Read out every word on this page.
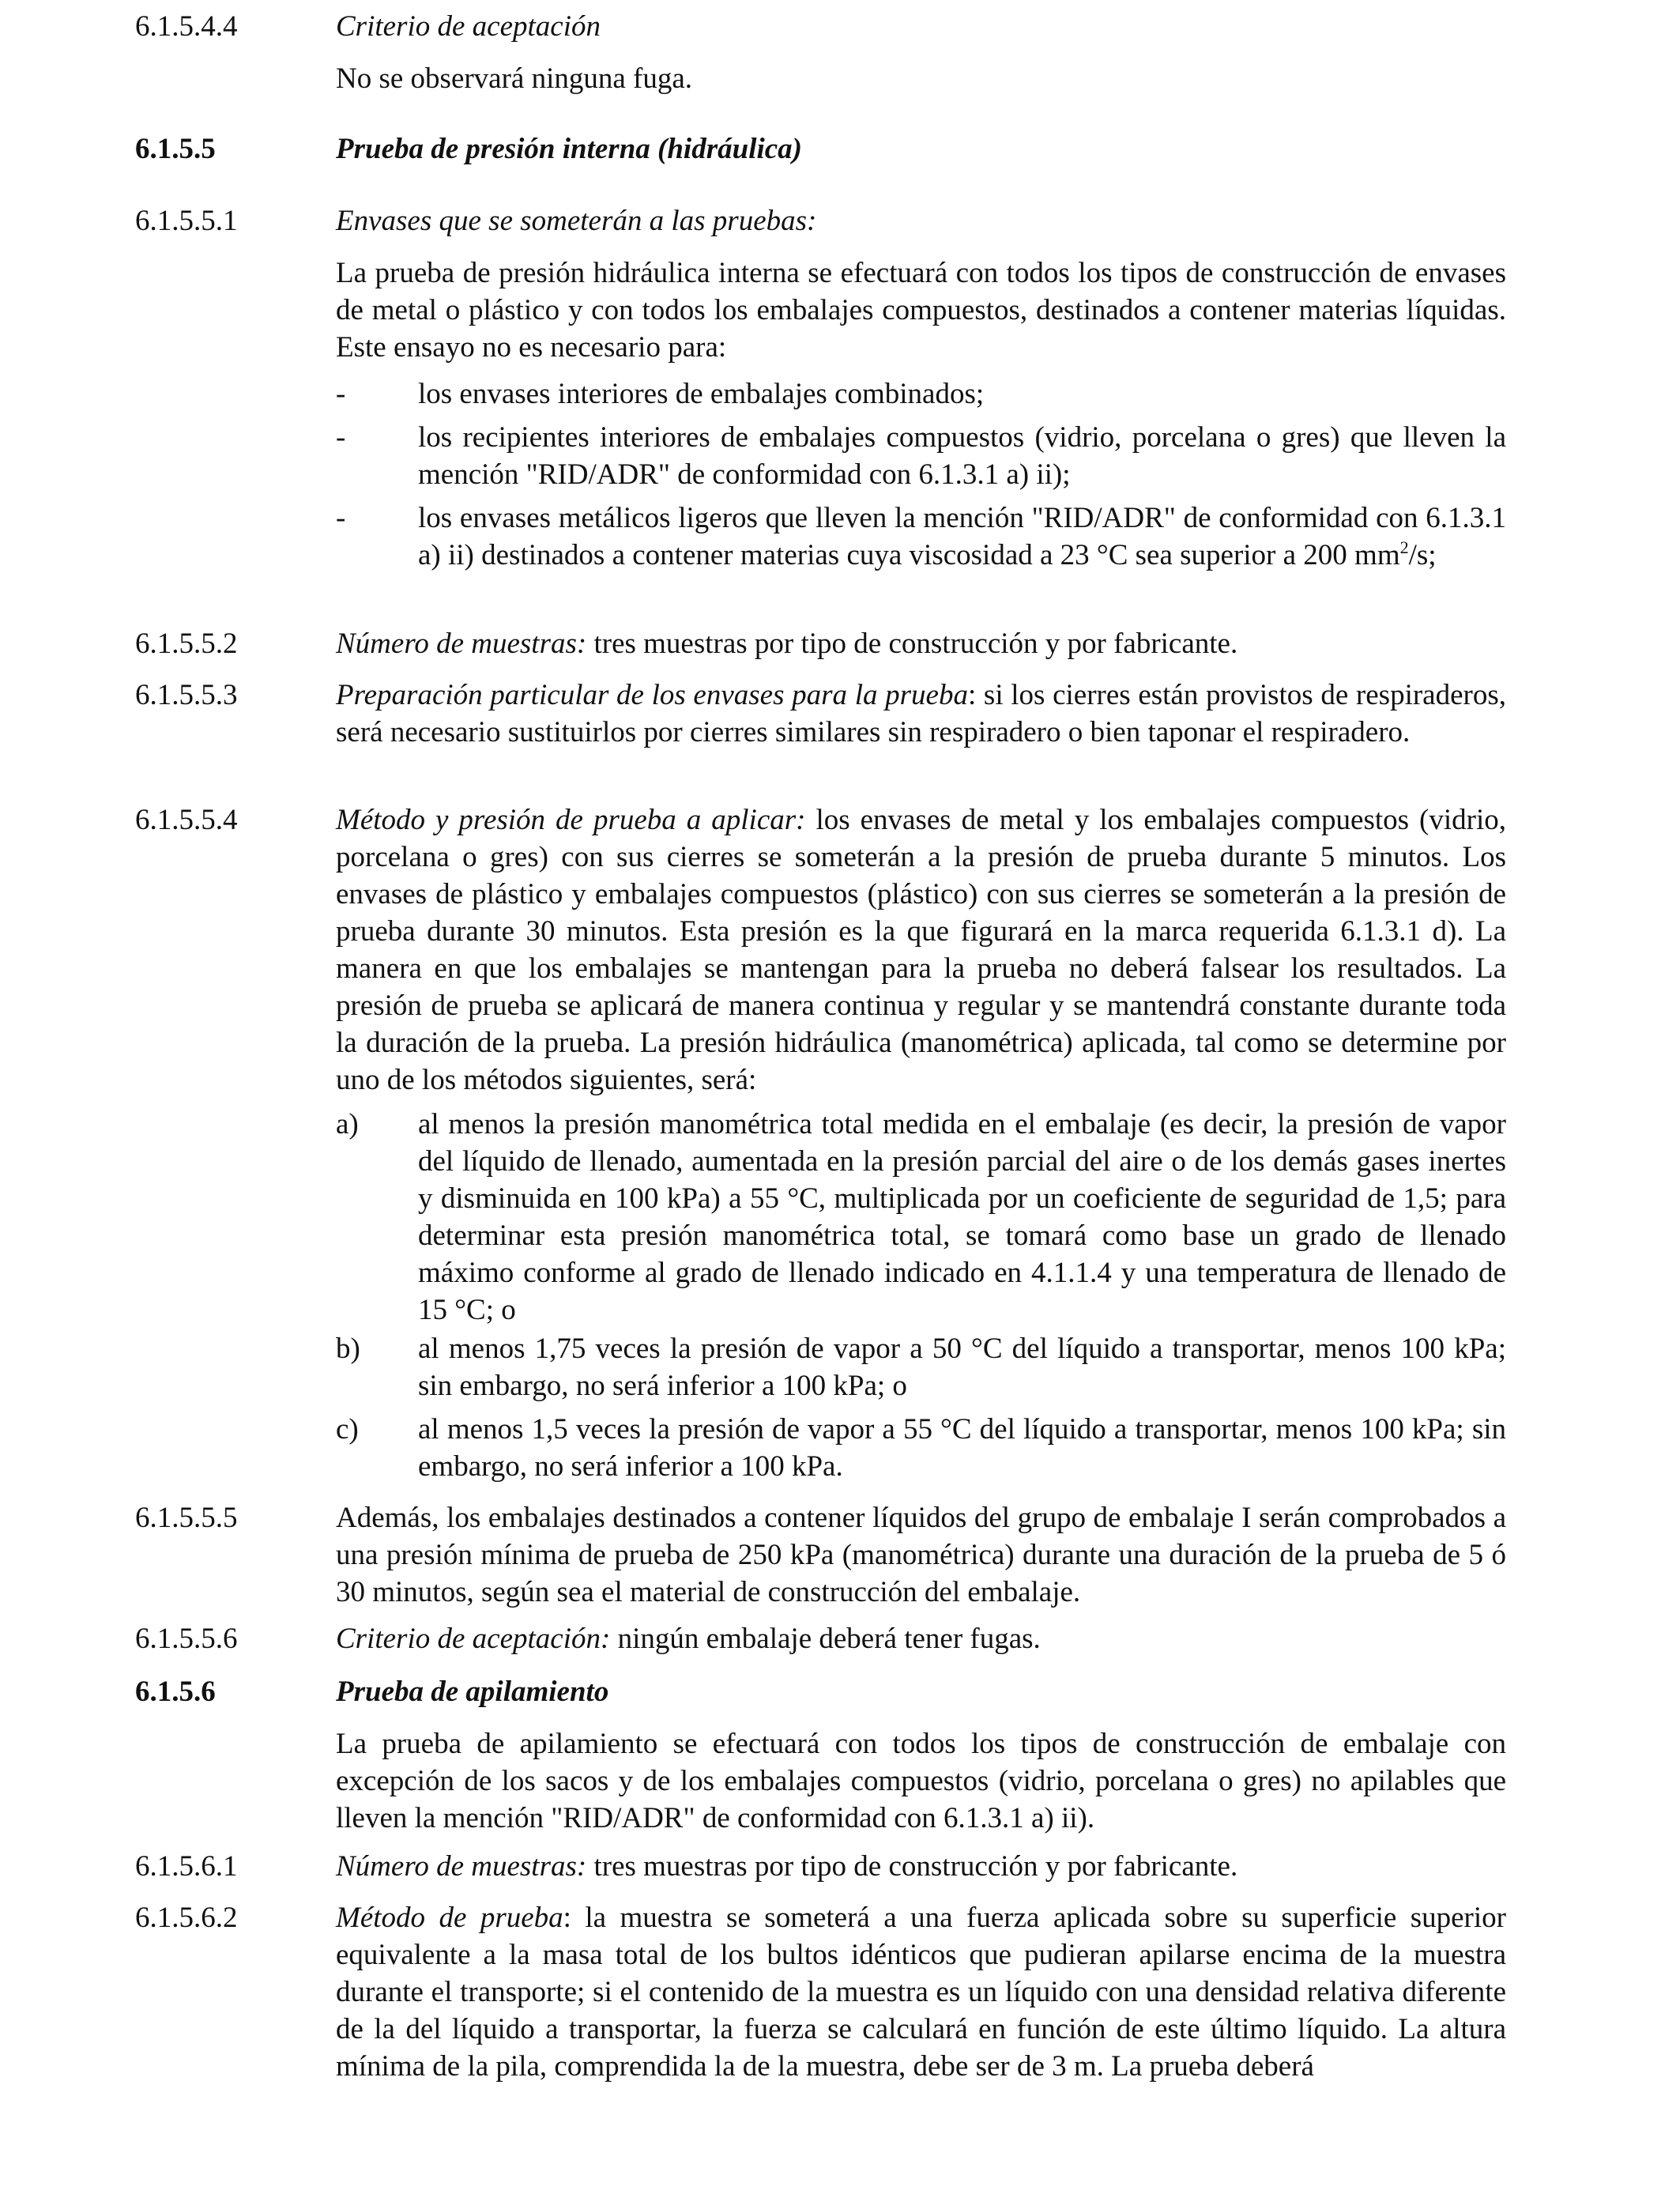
6.1.5.4.4	Criterio de aceptación
No se observará ninguna fuga.
6.1.5.5	Prueba de presión interna (hidráulica)
6.1.5.5.1	Envases que se someterán a las pruebas:
La prueba de presión hidráulica interna se efectuará con todos los tipos de construcción de envases de metal o plástico y con todos los embalajes compuestos, destinados a contener materias líquidas. Este ensayo no es necesario para:
- los envases interiores de embalajes combinados;
- los recipientes interiores de embalajes compuestos (vidrio, porcelana o gres) que lleven la mención "RID/ADR" de conformidad con 6.1.3.1 a) ii);
- los envases metálicos ligeros que lleven la mención "RID/ADR" de conformidad con 6.1.3.1 a) ii) destinados a contener materias cuya viscosidad a 23 °C sea superior a 200 $mm^2/s$;
6.1.5.5.2	Número de muestras: tres muestras por tipo de construcción y por fabricante.
6.1.5.5.3	Preparación particular de los envases para la prueba: si los cierres están provistos de respiraderos, será necesario sustituirlos por cierres similares sin respiradero o bien taponar el respiradero.
6.1.5.5.4	Método y presión de prueba a aplicar: los envases de metal y los embalajes compuestos (vidrio, porcelana o gres) con sus cierres se someterán a la presión de prueba durante 5 minutos. Los envases de plástico y embalajes compuestos (plástico) con sus cierres se someterán a la presión de prueba durante 30 minutos. Esta presión es la que figurará en la marca requerida 6.1.3.1 d). La manera en que los embalajes se mantengan para la prueba no deberá falsear los resultados. La presión de prueba se aplicará de manera continua y regular y se mantendrá constante durante toda la duración de la prueba. La presión hidráulica (manométrica) aplicada, tal como se determine por uno de los métodos siguientes, será:
a) al menos la presión manométrica total medida en el embalaje (es decir, la presión de vapor del líquido de llenado, aumentada en la presión parcial del aire o de los demás gases inertes y disminuida en 100 kPa) a 55 °C, multiplicada por un coeficiente de seguridad de 1,5; para determinar esta presión manométrica total, se tomará como base un grado de llenado máximo conforme al grado de llenado indicado en 4.1.1.4 y una temperatura de llenado de 15 °C; o
b) al menos 1,75 veces la presión de vapor a 50 °C del líquido a transportar, menos 100 kPa; sin embargo, no será inferior a 100 kPa; o
c) al menos 1,5 veces la presión de vapor a 55 °C del líquido a transportar, menos 100 kPa; sin embargo, no será inferior a 100 kPa.
6.1.5.5.5	Además, los embalajes destinados a contener líquidos del grupo de embalaje I serán comprobados a una presión mínima de prueba de 250 kPa (manométrica) durante una duración de la prueba de 5 ó 30 minutos, según sea el material de construcción del embalaje.
6.1.5.5.6	Criterio de aceptación: ningún embalaje deberá tener fugas.
6.1.5.6	Prueba de apilamiento
La prueba de apilamiento se efectuará con todos los tipos de construcción de embalaje con excepción de los sacos y de los embalajes compuestos (vidrio, porcelana o gres) no apilables que lleven la mención "RID/ADR" de conformidad con 6.1.3.1 a) ii).
6.1.5.6.1	Número de muestras: tres muestras por tipo de construcción y por fabricante.
6.1.5.6.2	Método de prueba: la muestra se someterá a una fuerza aplicada sobre su superficie superior equivalente a la masa total de los bultos idénticos que pudieran apilarse encima de la muestra durante el transporte; si el contenido de la muestra es un líquido con una densidad relativa diferente de la del líquido a transportar, la fuerza se calculará en función de este último líquido. La altura mínima de la pila, comprendida la de la muestra, debe ser de 3 m. La prueba deberá
